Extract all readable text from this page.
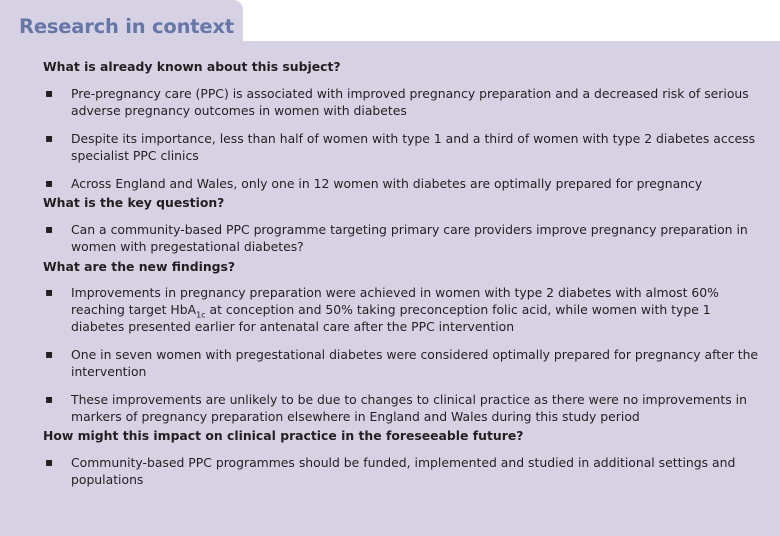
Research in context
What is already known about this subject?
▪ Pre-pregnancy care (PPC) is associated with improved pregnancy preparation and a decreased risk of serious adverse pregnancy outcomes in women with diabetes
▪ Despite its importance, less than half of women with type 1 and a third of women with type 2 diabetes access specialist PPC clinics
▪ Across England and Wales, only one in 12 women with diabetes are optimally prepared for pregnancy
What is the key question?
▪ Can a community-based PPC programme targeting primary care providers improve pregnancy preparation in women with pregestational diabetes?
What are the new findings?
▪ Improvements in pregnancy preparation were achieved in women with type 2 diabetes with almost 60% reaching target HbA$_{1c}$ at conception and 50% taking preconception folic acid, while women with type 1 diabetes presented earlier for antenatal care after the PPC intervention
▪ One in seven women with pregestational diabetes were considered optimally prepared for pregnancy after the intervention
▪ These improvements are unlikely to be due to changes to clinical practice as there were no improvements in markers of pregnancy preparation elsewhere in England and Wales during this study period
How might this impact on clinical practice in the foreseeable future?
▪ Community-based PPC programmes should be funded, implemented and studied in additional settings and populations
